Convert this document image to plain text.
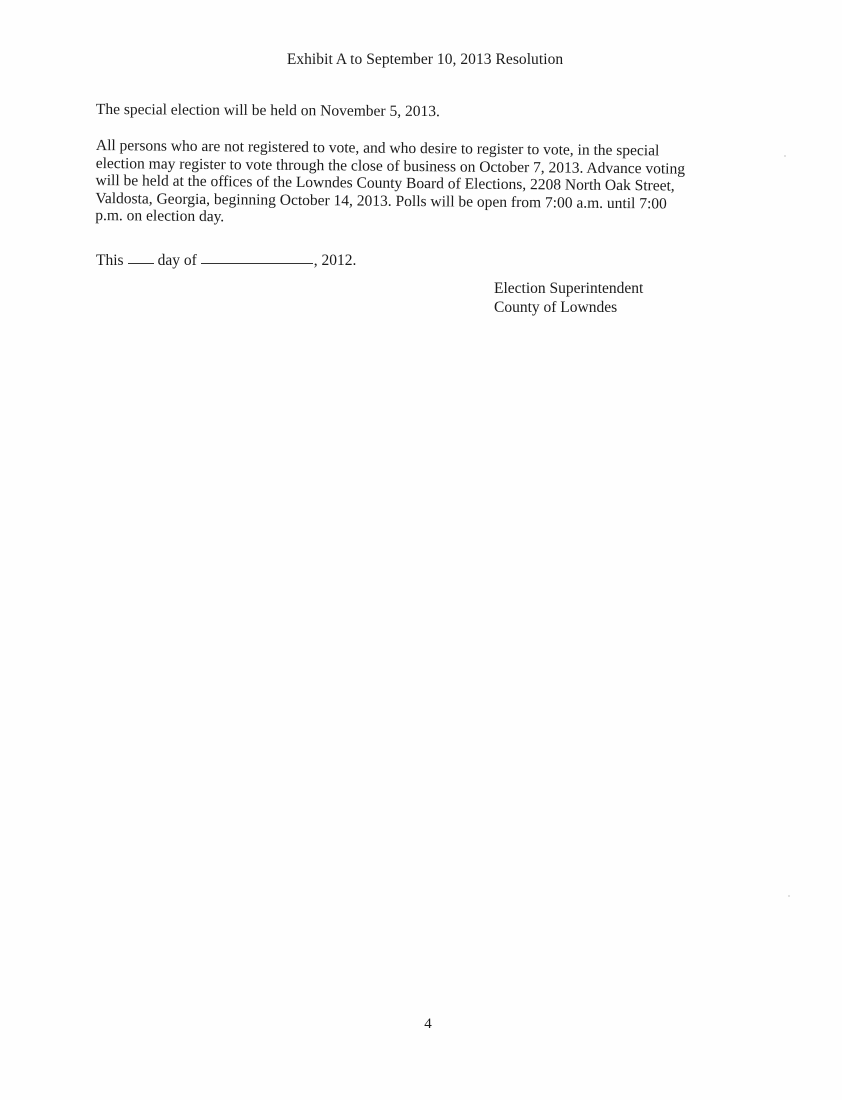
Exhibit A to September 10, 2013 Resolution
The special election will be held on November 5, 2013.
All persons who are not registered to vote, and who desire to register to vote, in the special
election may register to vote through the close of business on October 7, 2013. Advance voting
will be held at the offices of the Lowndes County Board of Elections, 2208 North Oak Street,
Valdosta, Georgia, beginning October 14, 2013. Polls will be open from 7:00 a.m. until 7:00
p.m. on election day.
This day of	, 2012.
Election Superintendent
County of Lowndes
4
